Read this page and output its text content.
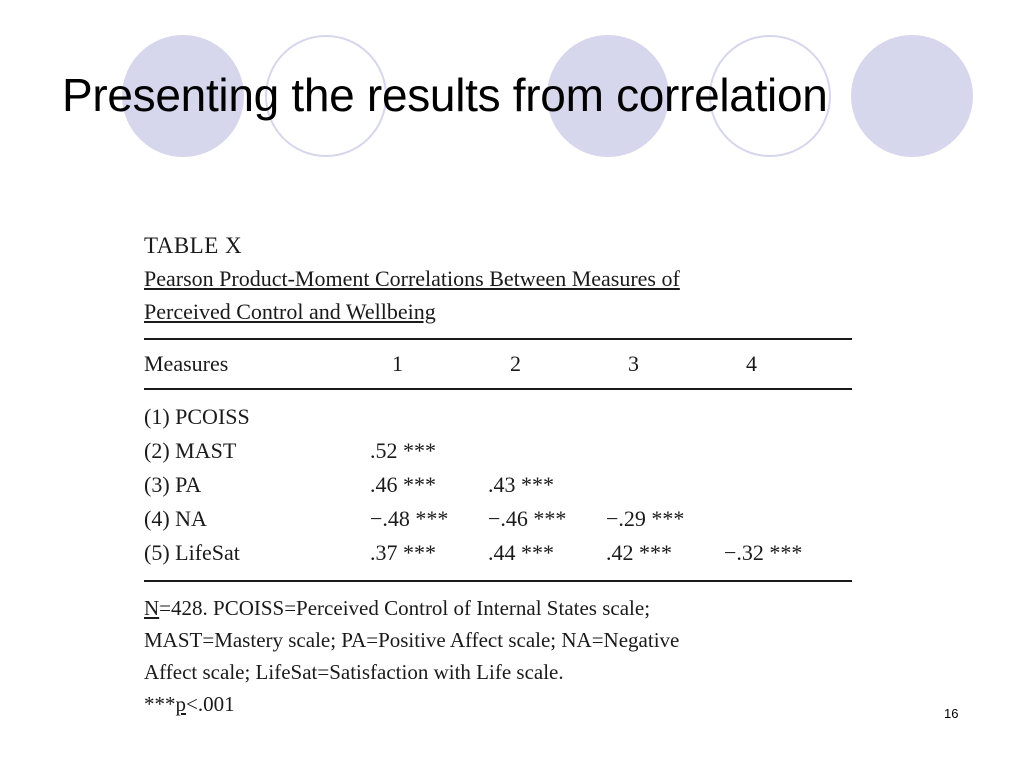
Presenting the results from correlation
TABLE X
Pearson Product-Moment Correlations Between Measures of
Perceived Control and Wellbeing
Measures	1	2	3	4
(1) PCOISS
(2) MAST	.52 ***
(3) PA	.46 ***	.43 ***
(4) NA	−.48 ***	−.46 ***	−.29 ***
(5) LifeSat	.37 ***	.44 ***	.42 ***	−.32 ***
N=428. PCOISS=Perceived Control of Internal States scale;
MAST=Mastery scale; PA=Positive Affect scale; NA=Negative
Affect scale; LifeSat=Satisfaction with Life scale.
***p<.001	16
